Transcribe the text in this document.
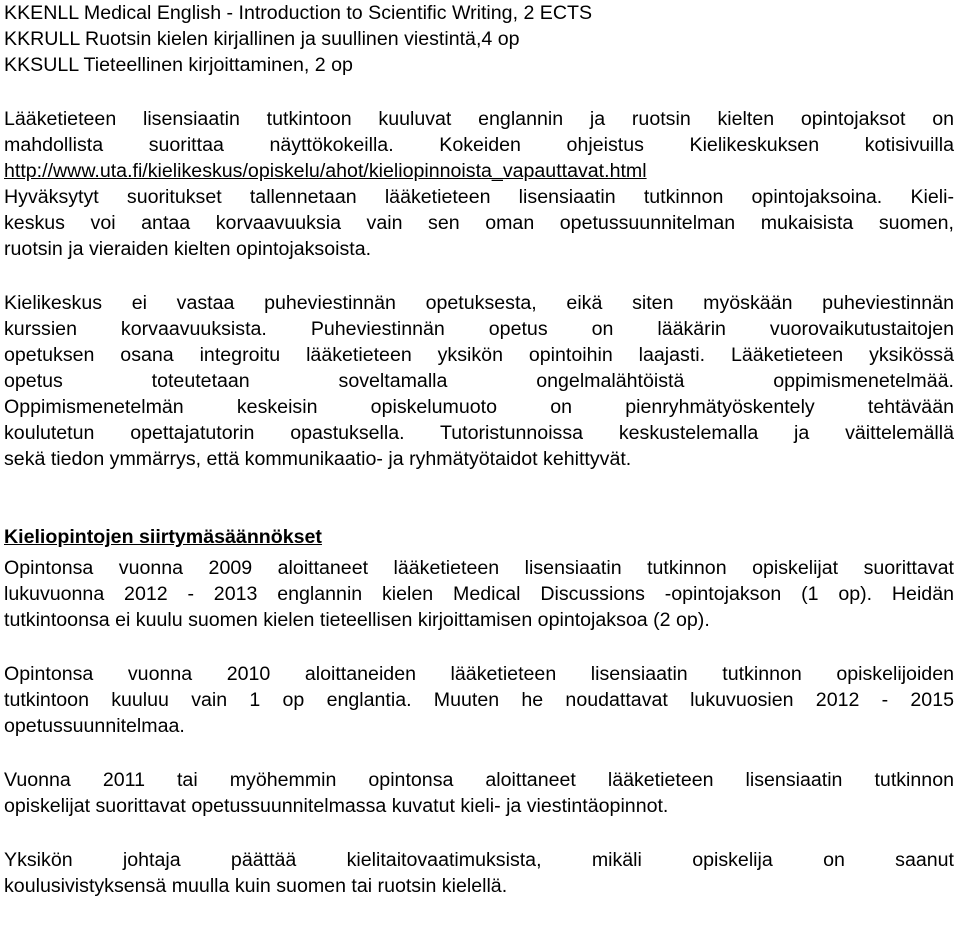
KKENLL Medical English - Introduction to Scientific Writing, 2 ECTS
KKRULL Ruotsin kielen kirjallinen ja suullinen viestintä,4 op
KKSULL Tieteellinen kirjoittaminen, 2 op
Lääketieteen lisensiaatin tutkintoon kuuluvat englannin ja ruotsin kielten opintojaksot on
mahdollista suorittaa näyttökokeilla. Kokeiden ohjeistus Kielikeskuksen kotisivuilla
http://www.uta.fi/kielikeskus/opiskelu/ahot/kieliopinnoista_vapauttavat.html
Hyväksytyt suoritukset tallennetaan lääketieteen lisensiaatin tutkinnon opintojaksoina. Kieli-
keskus voi antaa korvaavuuksia vain sen oman opetussuunnitelman mukaisista suomen,
ruotsin ja vieraiden kielten opintojaksoista.
Kielikeskus ei vastaa puheviestinnän opetuksesta, eikä siten myöskään puheviestinnän
kurssien korvaavuuksista. Puheviestinnän opetus on lääkärin vuorovaikutustaitojen
opetuksen osana integroitu lääketieteen yksikön opintoihin laajasti. Lääketieteen yksikössä
opetus toteutetaan soveltamalla ongelmalähtöistä oppimismenetelmää.
Oppimismenetelmän keskeisin opiskelumuoto on pienryhmätyöskentely tehtävään
koulutetun opettajatutorin opastuksella. Tutoristunnoissa keskustelemalla ja väittelemällä
sekä tiedon ymmärrys, että kommunikaatio- ja ryhmätyötaidot kehittyvät.
Kieliopintojen siirtymäsäännökset
Opintonsa vuonna 2009 aloittaneet lääketieteen lisensiaatin tutkinnon opiskelijat suorittavat
lukuvuonna 2012 - 2013 englannin kielen Medical Discussions -opintojakson (1 op). Heidän
tutkintoonsa ei kuulu suomen kielen tieteellisen kirjoittamisen opintojaksoa (2 op).
Opintonsa vuonna 2010 aloittaneiden lääketieteen lisensiaatin tutkinnon opiskelijoiden
tutkintoon kuuluu vain 1 op englantia. Muuten he noudattavat lukuvuosien 2012 - 2015
opetussuunnitelmaa.
Vuonna 2011 tai myöhemmin opintonsa aloittaneet lääketieteen lisensiaatin tutkinnon
opiskelijat suorittavat opetussuunnitelmassa kuvatut kieli- ja viestintäopinnot.
Yksikön johtaja päättää kielitaitovaatimuksista, mikäli opiskelija on saanut
koulusivistyksensä muulla kuin suomen tai ruotsin kielellä.
